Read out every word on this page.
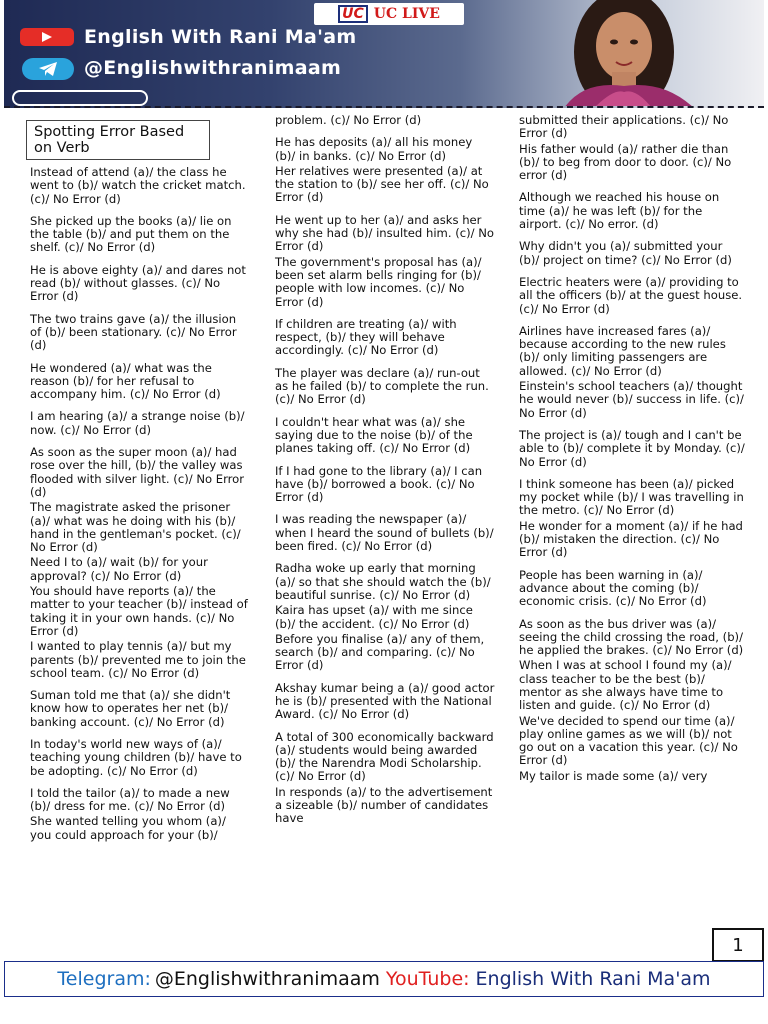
UC UC LIVE
English With Rani Ma'am
@Englishwithranimaam
Spotting Error Based on Verb
Instead of attend (a)/ the class he went to (b)/ watch the cricket match. (c)/ No Error (d)
She picked up the books (a)/ lie on the table (b)/ and put them on the shelf. (c)/ No Error (d)
He is above eighty (a)/ and dares not read (b)/ without glasses. (c)/ No Error (d)
The two trains gave (a)/ the illusion of (b)/ been stationary. (c)/ No Error (d)
He wondered (a)/ what was the reason (b)/ for her refusal to accompany him. (c)/ No Error (d)
I am hearing (a)/ a strange noise (b)/ now. (c)/ No Error (d)
As soon as the super moon (a)/ had rose over the hill, (b)/ the valley was flooded with silver light. (c)/ No Error (d)
The magistrate asked the prisoner (a)/ what was he doing with his (b)/ hand in the gentleman's pocket. (c)/ No Error (d)
Need I to (a)/ wait (b)/ for your approval? (c)/ No Error (d)
You should have reports (a)/ the matter to your teacher (b)/ instead of taking it in your own hands. (c)/ No Error (d)
I wanted to play tennis (a)/ but my parents (b)/ prevented me to join the school team. (c)/ No Error (d)
Suman told me that (a)/ she didn't know how to operates her net (b)/ banking account. (c)/ No Error (d)
In today's world new ways of (a)/ teaching young children (b)/ have to be adopting. (c)/ No Error (d)
I told the tailor (a)/ to made a new (b)/ dress for me. (c)/ No Error (d)
She wanted telling you whom (a)/ you could approach for your (b)/
problem. (c)/ No Error (d)
He has deposits (a)/ all his money (b)/ in banks. (c)/ No Error (d)
Her relatives were presented (a)/ at the station to (b)/ see her off. (c)/ No Error (d)
He went up to her (a)/ and asks her why she had (b)/ insulted him. (c)/ No Error (d)
The government's proposal has (a)/ been set alarm bells ringing for (b)/ people with low incomes. (c)/ No Error (d)
If children are treating (a)/ with respect, (b)/ they will behave accordingly. (c)/ No Error (d)
The player was declare (a)/ run-out as he failed (b)/ to complete the run. (c)/ No Error (d)
I couldn't hear what was (a)/ she saying due to the noise (b)/ of the planes taking off. (c)/ No Error (d)
If I had gone to the library (a)/ I can have (b)/ borrowed a book. (c)/ No Error (d)
I was reading the newspaper (a)/ when I heard the sound of bullets (b)/ been fired. (c)/ No Error (d)
Radha woke up early that morning (a)/ so that she should watch the (b)/ beautiful sunrise. (c)/ No Error (d)
Kaira has upset (a)/ with me since (b)/ the accident. (c)/ No Error (d)
Before you finalise (a)/ any of them, search (b)/ and comparing. (c)/ No Error (d)
Akshay kumar being a (a)/ good actor he is (b)/ presented with the National Award. (c)/ No Error (d)
A total of 300 economically backward (a)/ students would being awarded (b)/ the Narendra Modi Scholarship. (c)/ No Error (d)
In responds (a)/ to the advertisement a sizeable (b)/ number of candidates have
submitted their applications. (c)/ No Error (d)
His father would (a)/ rather die than (b)/ to beg from door to door. (c)/ No error (d)
Although we reached his house on time (a)/ he was left (b)/ for the airport. (c)/ No error. (d)
Why didn't you (a)/ submitted your (b)/ project on time? (c)/ No Error (d)
Electric heaters were (a)/ providing to all the officers (b)/ at the guest house. (c)/ No Error (d)
Airlines have increased fares (a)/ because according to the new rules (b)/ only limiting passengers are allowed. (c)/ No Error (d)
Einstein's school teachers (a)/ thought he would never (b)/ success in life. (c)/ No Error (d)
The project is (a)/ tough and I can't be able to (b)/ complete it by Monday. (c)/ No Error (d)
I think someone has been (a)/ picked my pocket while (b)/ I was travelling in the metro. (c)/ No Error (d)
He wonder for a moment (a)/ if he had (b)/ mistaken the direction. (c)/ No Error (d)
People has been warning in (a)/ advance about the coming (b)/ economic crisis. (c)/ No Error (d)
As soon as the bus driver was (a)/ seeing the child crossing the road, (b)/ he applied the brakes. (c)/ No Error (d)
When I was at school I found my (a)/ class teacher to be the best (b)/ mentor as she always have time to listen and guide. (c)/ No Error (d)
We've decided to spend our time (a)/ play online games as we will (b)/ not go out on a vacation this year. (c)/ No Error (d)
My tailor is made some (a)/ very
1
Telegram: @Englishwithranimaam YouTube: English With Rani Ma'am
